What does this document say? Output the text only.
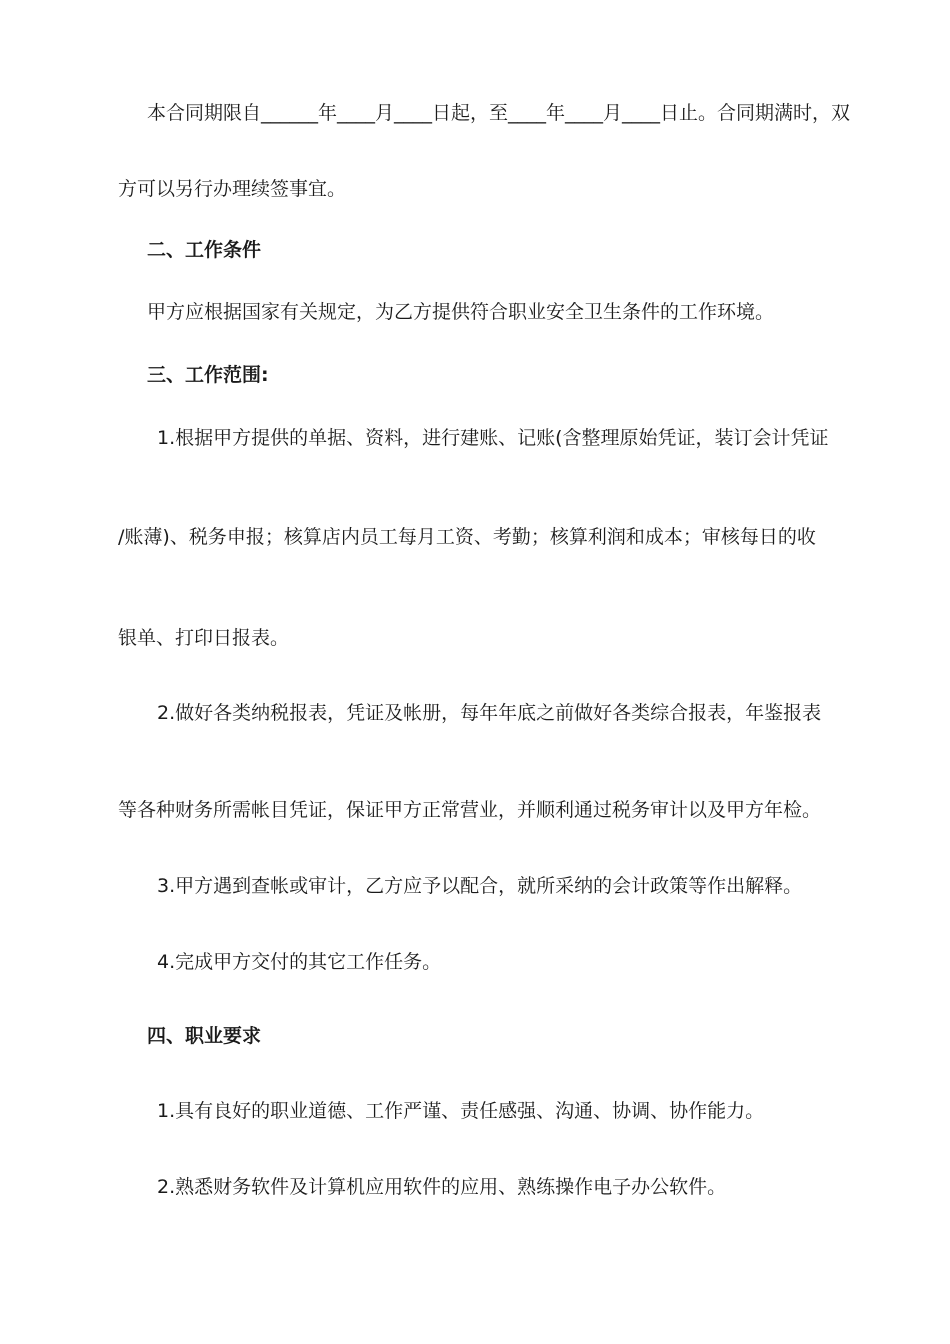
本合同期限自______年____月____日起，至____年____月____日止。合同期满时，双

方可以另行办理续签事宜。

二、工作条件

甲方应根据国家有关规定，为乙方提供符合职业安全卫生条件的工作环境。

三、工作范围:

1.根据甲方提供的单据、资料，进行建账、记账(含整理原始凭证，装订会计凭证

/账薄)、税务申报；核算店内员工每月工资、考勤；核算利润和成本；审核每日的收

银单、打印日报表。

2.做好各类纳税报表，凭证及帐册，每年年底之前做好各类综合报表，年鉴报表

等各种财务所需帐目凭证，保证甲方正常营业，并顺利通过税务审计以及甲方年检。

3.甲方遇到查帐或审计，乙方应予以配合，就所采纳的会计政策等作出解释。

4.完成甲方交付的其它工作任务。

四、职业要求

1.具有良好的职业道德、工作严谨、责任感强、沟通、协调、协作能力。

2.熟悉财务软件及计算机应用软件的应用、熟练操作电子办公软件。
